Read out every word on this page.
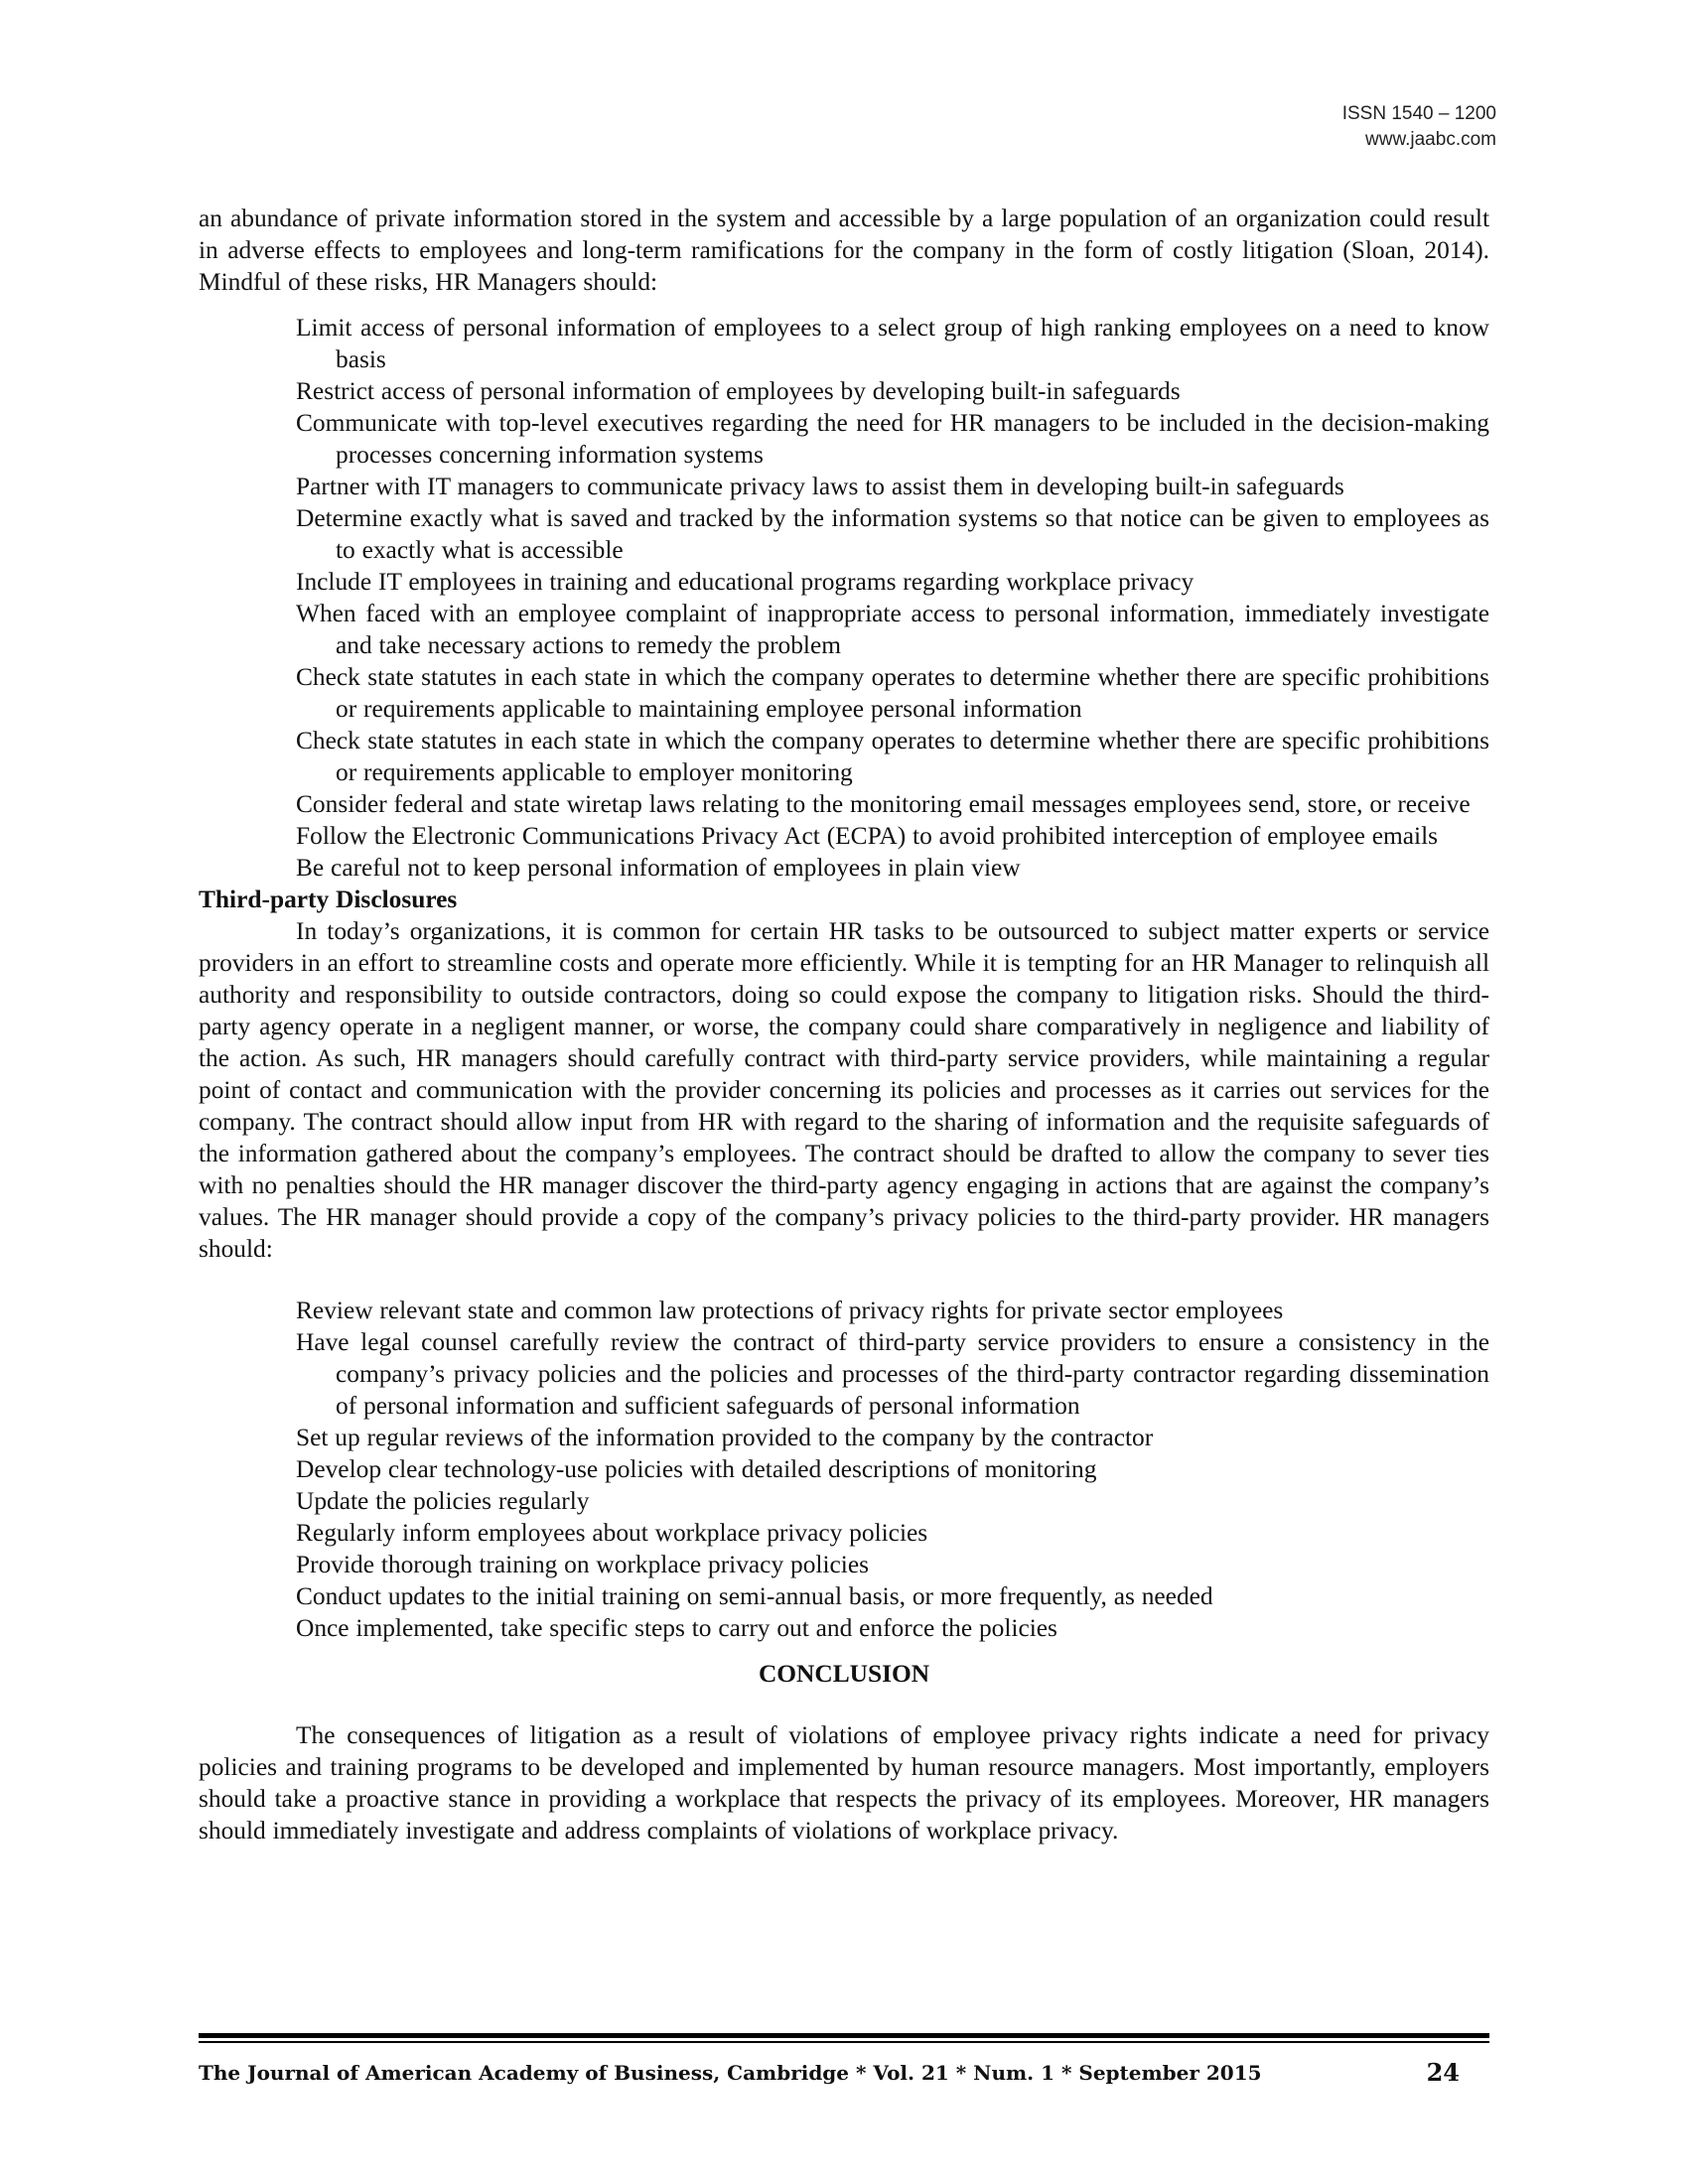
ISSN 1540 – 1200
www.jaabc.com

an abundance of private information stored in the system and accessible by a large population of an organization could result in adverse effects to employees and long-term ramifications for the company in the form of costly litigation (Sloan, 2014). Mindful of these risks, HR Managers should:

Limit access of personal information of employees to a select group of high ranking employees on a need to know basis
Restrict access of personal information of employees by developing built-in safeguards
Communicate with top-level executives regarding the need for HR managers to be included in the decision-making processes concerning information systems
Partner with IT managers to communicate privacy laws to assist them in developing built-in safeguards
Determine exactly what is saved and tracked by the information systems so that notice can be given to employees as to exactly what is accessible
Include IT employees in training and educational programs regarding workplace privacy
When faced with an employee complaint of inappropriate access to personal information, immediately investigate and take necessary actions to remedy the problem
Check state statutes in each state in which the company operates to determine whether there are specific prohibitions or requirements applicable to maintaining employee personal information
Check state statutes in each state in which the company operates to determine whether there are specific prohibitions or requirements applicable to employer monitoring
Consider federal and state wiretap laws relating to the monitoring email messages employees send, store, or receive
Follow the Electronic Communications Privacy Act (ECPA) to avoid prohibited interception of employee emails
Be careful not to keep personal information of employees in plain view
Third-party Disclosures

In today’s organizations, it is common for certain HR tasks to be outsourced to subject matter experts or service providers in an effort to streamline costs and operate more efficiently. While it is tempting for an HR Manager to relinquish all authority and responsibility to outside contractors, doing so could expose the company to litigation risks. Should the third-party agency operate in a negligent manner, or worse, the company could share comparatively in negligence and liability of the action. As such, HR managers should carefully contract with third-party service providers, while maintaining a regular point of contact and communication with the provider concerning its policies and processes as it carries out services for the company. The contract should allow input from HR with regard to the sharing of information and the requisite safeguards of the information gathered about the company’s employees. The contract should be drafted to allow the company to sever ties with no penalties should the HR manager discover the third-party agency engaging in actions that are against the company’s values. The HR manager should provide a copy of the company’s privacy policies to the third-party provider. HR managers should:

Review relevant state and common law protections of privacy rights for private sector employees
Have legal counsel carefully review the contract of third-party service providers to ensure a consistency in the company’s privacy policies and the policies and processes of the third-party contractor regarding dissemination of personal information and sufficient safeguards of personal information
Set up regular reviews of the information provided to the company by the contractor
Develop clear technology-use policies with detailed descriptions of monitoring
Update the policies regularly
Regularly inform employees about workplace privacy policies
Provide thorough training on workplace privacy policies
Conduct updates to the initial training on semi-annual basis, or more frequently, as needed
Once implemented, take specific steps to carry out and enforce the policies
CONCLUSION

The consequences of litigation as a result of violations of employee privacy rights indicate a need for privacy policies and training programs to be developed and implemented by human resource managers. Most importantly, employers should take a proactive stance in providing a workplace that respects the privacy of its employees. Moreover, HR managers should immediately investigate and address complaints of violations of workplace privacy.

The Journal of American Academy of Business, Cambridge * Vol. 21 * Num. 1 * September 2015	24
